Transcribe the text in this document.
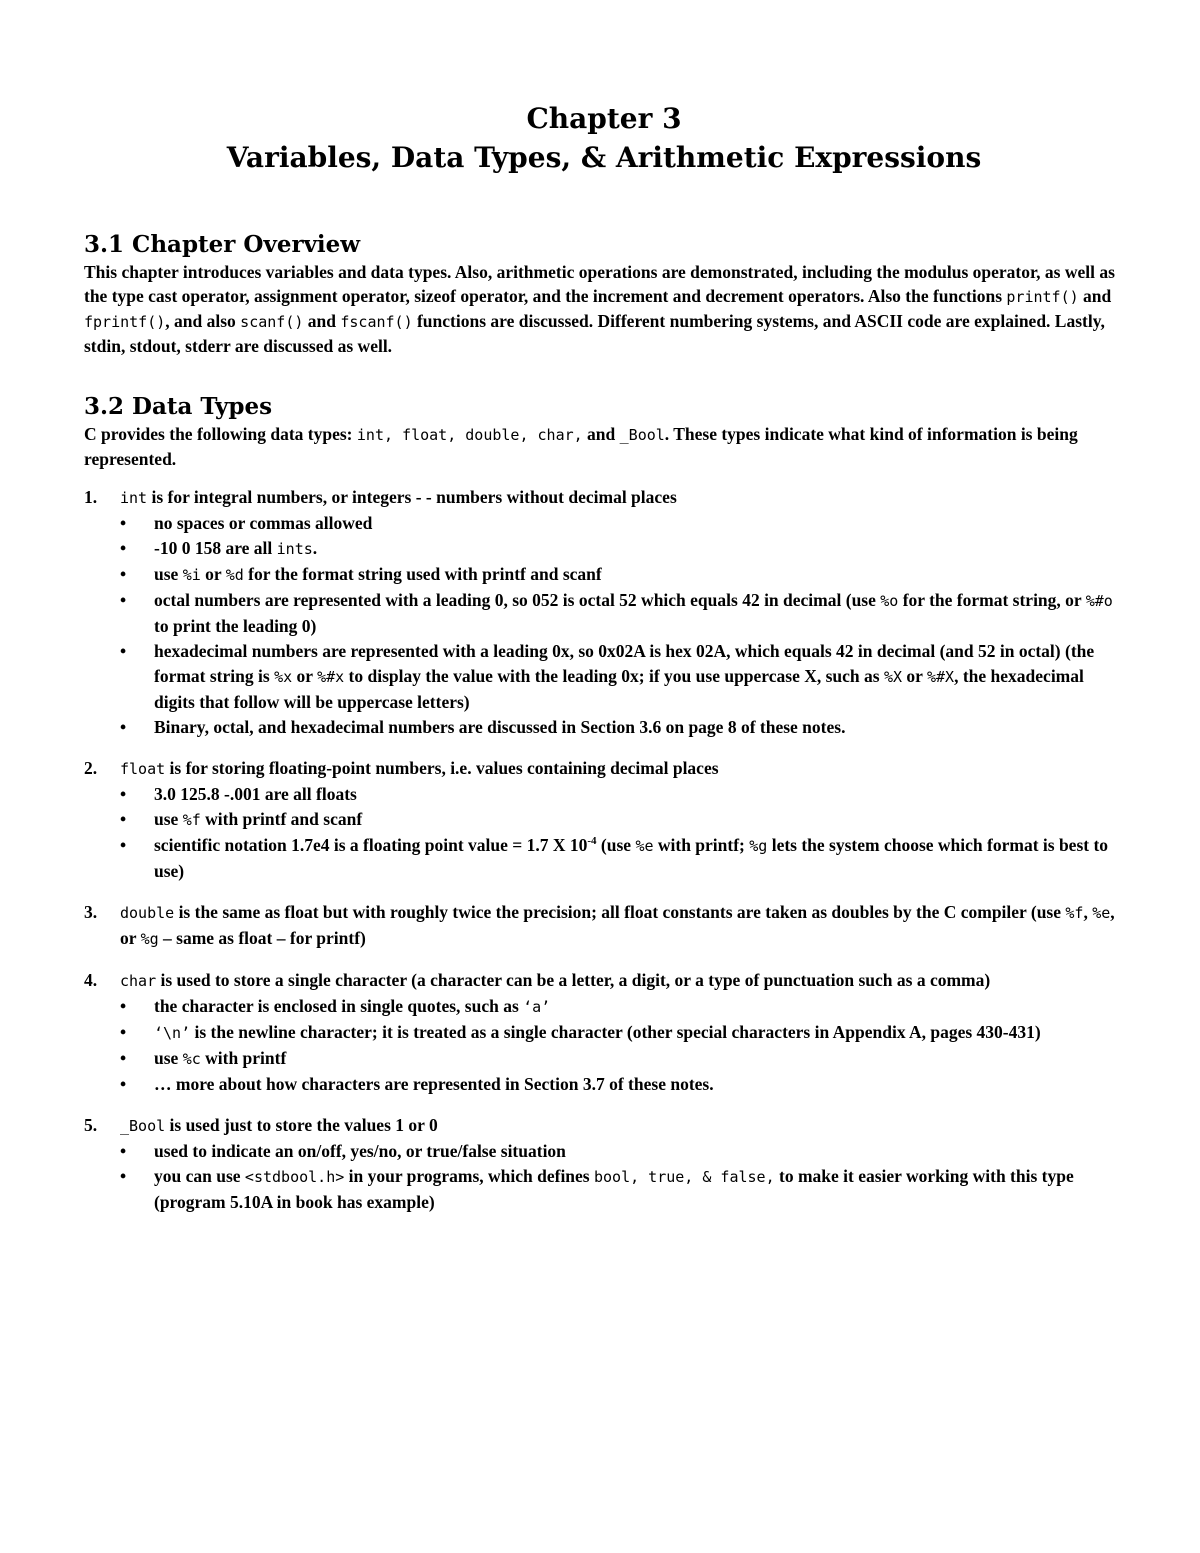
Chapter 3

Variables, Data Types, & Arithmetic Expressions

3.1 Chapter Overview

This chapter introduces variables and data types. Also, arithmetic operations are demonstrated, including the modulus operator, as well as the type cast operator, assignment operator, sizeof operator, and the increment and decrement operators. Also the functions printf() and fprintf(), and also scanf() and fscanf() functions are discussed. Different numbering systems, and ASCII code are explained. Lastly, stdin, stdout, stderr are discussed as well.

3.2 Data Types

C provides the following data types: int, float, double, char, and _Bool. These types indicate what kind of information is being represented.

1. int is for integral numbers, or integers - - numbers without decimal places
• no spaces or commas allowed
• -10 0 158 are all ints.
• use %i or %d for the format string used with printf and scanf
• octal numbers are represented with a leading 0, so 052 is octal 52 which equals 42 in decimal (use %o for the format string, or %#o to print the leading 0)
• hexadecimal numbers are represented with a leading 0x, so 0x02A is hex 02A, which equals 42 in decimal (and 52 in octal) (the format string is %x or %#x to display the value with the leading 0x; if you use uppercase X, such as %X or %#X, the hexadecimal digits that follow will be uppercase letters)
• Binary, octal, and hexadecimal numbers are discussed in Section 3.6 on page 8 of these notes.
2. float is for storing floating-point numbers, i.e. values containing decimal places
• 3.0 125.8 -.001 are all floats
• use %f with printf and scanf
• scientific notation 1.7e4 is a floating point value = 1.7 X $10^{-4}$ (use %e with printf; %g lets the system choose which format is best to use)
3. double is the same as float but with roughly twice the precision; all float constants are taken as doubles by the C compiler (use %f, %e, or %g – same as float – for printf)
4. char is used to store a single character (a character can be a letter, a digit, or a type of punctuation such as a comma)
• the character is enclosed in single quotes, such as ‘a’
• ‘\n’ is the newline character; it is treated as a single character (other special characters in Appendix A, pages 430-431)
• use %c with printf
• … more about how characters are represented in Section 3.7 of these notes.
5. _Bool is used just to store the values 1 or 0
• used to indicate an on/off, yes/no, or true/false situation
• you can use <stdbool.h> in your programs, which defines bool, true, & false, to make it easier working with this type (program 5.10A in book has example)
